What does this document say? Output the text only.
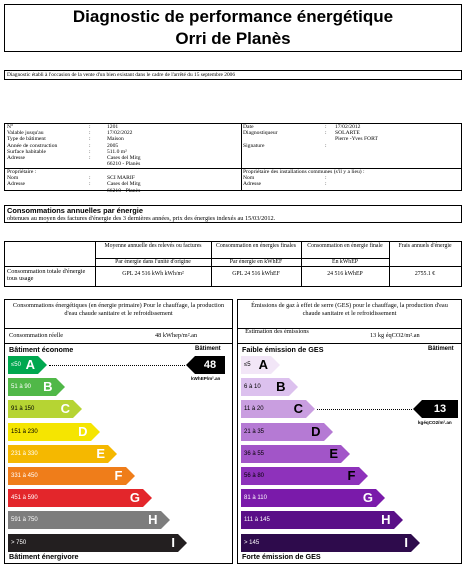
Diagnostic de performance énergétique
Orri de Planès
Diagnostic établi à l'occasion de la vente d'un bien existant dans le cadre de l'arrêté du 15 septembre 2006
N°	:	1201
Valable jusqu'au	:	17/02/2022
Type de bâtiment	:	Maison
Année de construction	:	2005
Surface habitable	:	511.0 m²
Adresse	:	Cases del Mitg
66210 - Planès
Date	: 17/02/2012
Diagnostiqueur	: SOLARTE
Pierre -Yves FORT
Signature	:
Propriétaire :
Nom	:	SCI MARIF
Adresse	:	Cases del Mitg
66210 - Planès
Propriétaire des installations communes (s'il y a lieu) :
Nom	:
Adresse	:
Consommations annuelles par énergie
obtenues au moyen des factures d'énergie des 3 dernières années, prix des énergies indexés au 15/03/2012.
Moyenne annuelle des relevés ou factures	Consommation en énergies finales	Consommation en énergie finale	Frais annuels d'énergie
Par énergie dans l'unité d'origine	Par énergie en kWhEF	En kWhEP
Consommation totale d'énergie tous usage
GPL 24 516 kWh kWh/m²	GPL 24 516 kWhEF	24 516 kWhEP	2755.1 €
Consommations énergétiques (en énergie primaire) Pour le chauffage, la production d'eau chaude sanitaire et le refroidissement
Consommation réelle	48 kWhep/m².an
Bâtiment économe	Bâtiment
Bâtiment énergivore
≤50 A	48
kWhEP/m².an
51 à 90 B
91 à 150 C
151 à 230	D
231 à 330	E
331 à 450	F
451 à 590	G
591 à 750	H
> 750	I
Émissions de gaz à effet de serre (GES) pour le chauffage, la production d'eau chaude sanitaire et le refroidissement
Estimation des émissions
13 kg éqCO2/m².an
Faible émission de GES	Bâtiment
Forte émission de GES
≤5 A
6 à 10 B
11 à 20 C	13
kgéqCO2/m².an
21 à 35	D
36 à 55	E
56 à 80	F
81 à 110	G
111 à 145	H
> 145	I
